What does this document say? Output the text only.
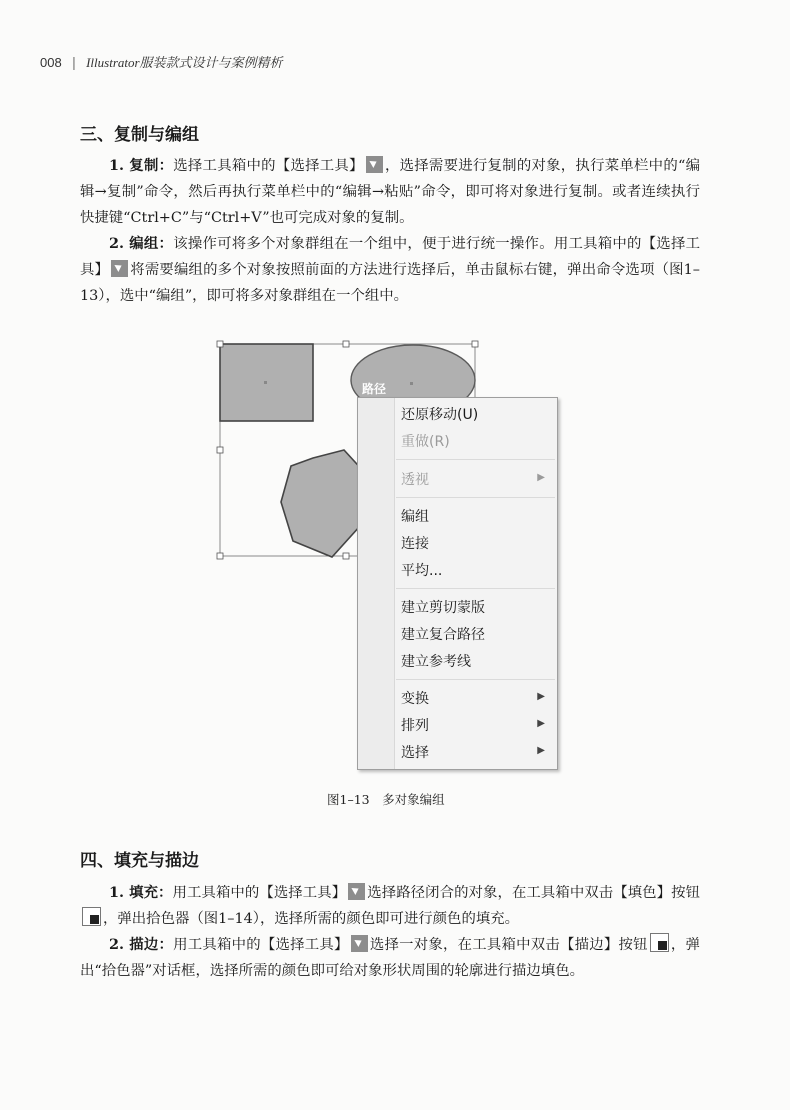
008 | Illustrator服装款式设计与案例精析
三、复制与编组

1. 复制：选择工具箱中的【选择工具】 ，选择需要进行复制的对象，执行菜单栏中的“编辑→复制”命令，然后再执行菜单栏中的“编辑→粘贴”命令，即可将对象进行复制。或者连续执行快捷键“Ctrl+C”与“Ctrl+V”也可完成对象的复制。

2. 编组：该操作可将多个对象群组在一个组中，便于进行统一操作。用工具箱中的【选择工具】 将需要编组的多个对象按照前面的方法进行选择后，单击鼠标右键，弹出命令选项（图1–13），选中“编组”，即可将多对象群组在一个组中。

路径
还原移动(U)
重做(R)
透视	▶
编组
连接
平均...
建立剪切蒙版
建立复合路径
建立参考线
变换	▶
排列	▶
选择	▶
图1–13　多对象编组
四、填充与描边

1. 填充：用工具箱中的【选择工具】 选择路径闭合的对象，在工具箱中双击【填色】按钮，弹出拾色器（图1–14），选择所需的颜色即可进行颜色的填充。

2. 描边：用工具箱中的【选择工具】 选择一对象，在工具箱中双击【描边】按钮 ，弹出“拾色器”对话框，选择所需的颜色即可给对象形状周围的轮廓进行描边填色。
